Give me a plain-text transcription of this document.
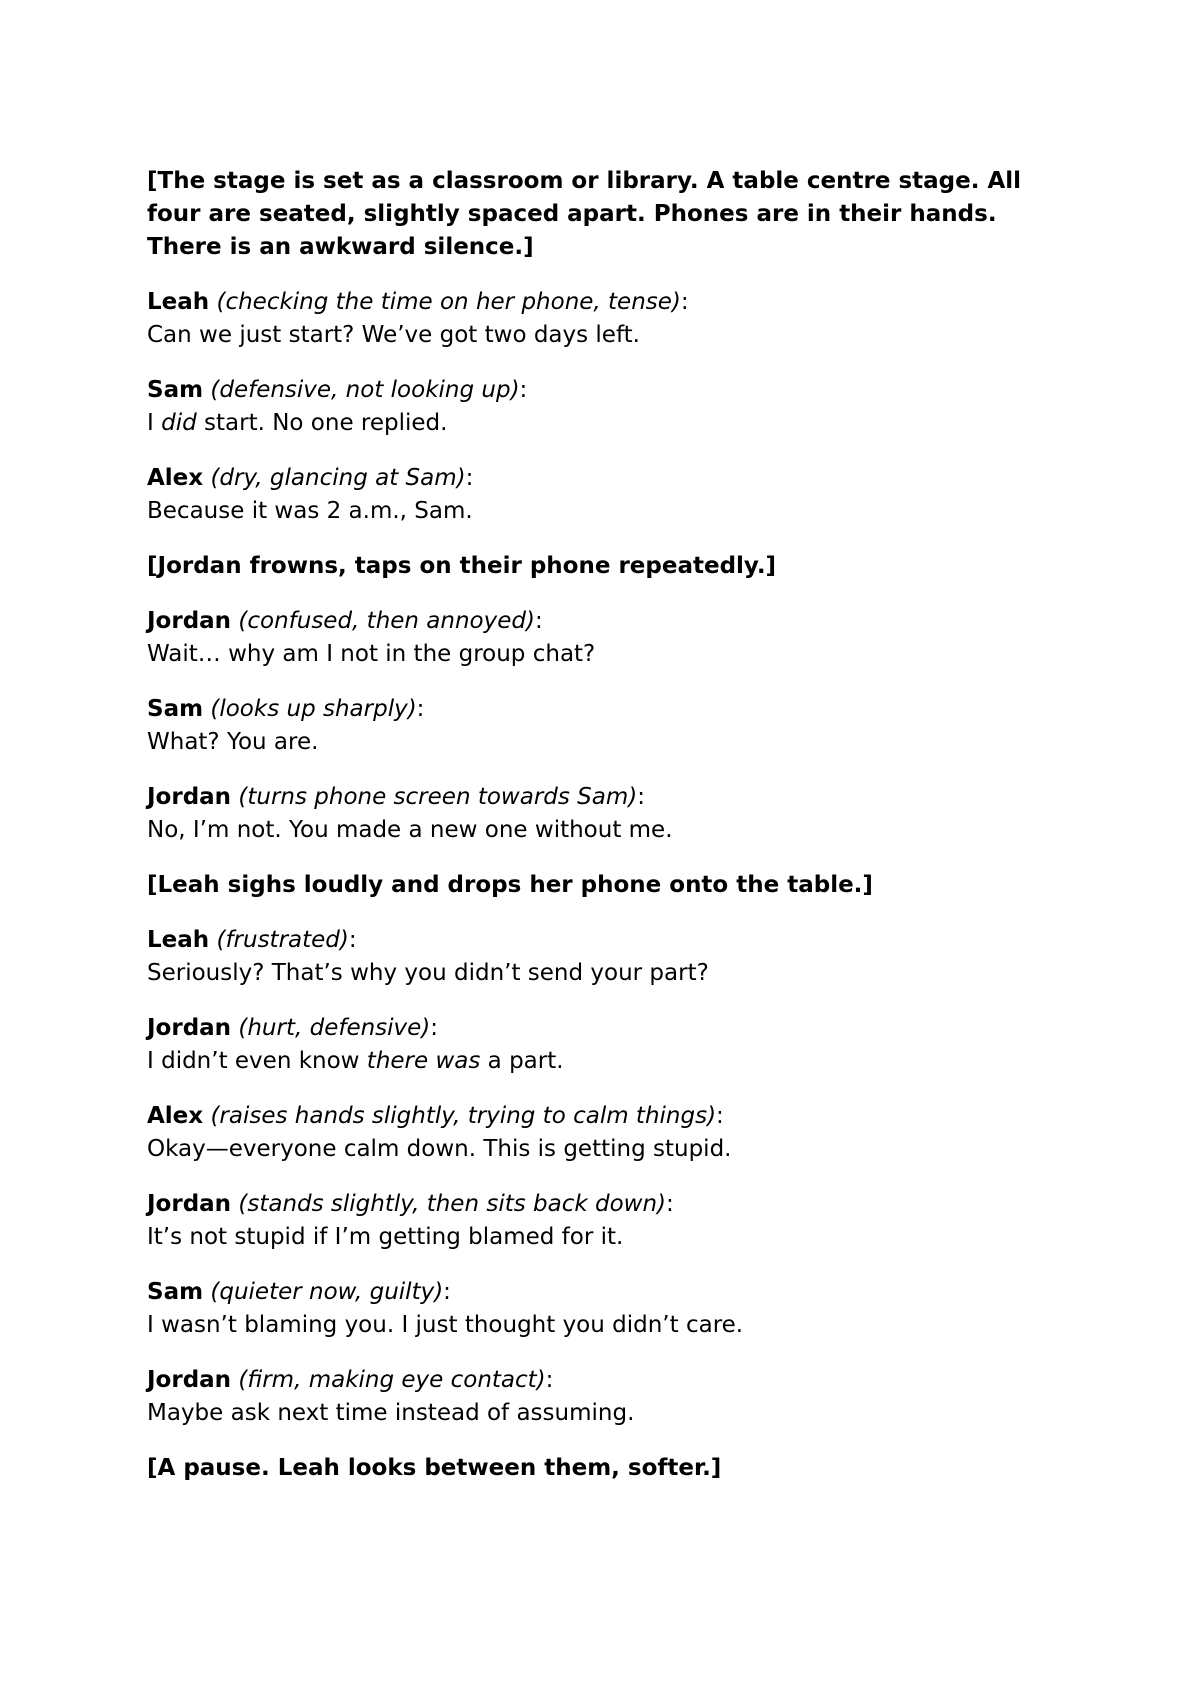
[The stage is set as a classroom or library. A table centre stage. All four are seated, slightly spaced apart. Phones are in their hands. There is an awkward silence.]

Leah (checking the time on her phone, tense):
Can we just start? We’ve got two days left.
Sam (defensive, not looking up):
I did start. No one replied.
Alex (dry, glancing at Sam):
Because it was 2 a.m., Sam.

[Jordan frowns, taps on their phone repeatedly.]

Jordan (confused, then annoyed):
Wait… why am I not in the group chat?
Sam (looks up sharply):
What? You are.
Jordan (turns phone screen towards Sam):
No, I’m not. You made a new one without me.

[Leah sighs loudly and drops her phone onto the table.]

Leah (frustrated):
Seriously? That’s why you didn’t send your part?
Jordan (hurt, defensive):
I didn’t even know there was a part.
Alex (raises hands slightly, trying to calm things):
Okay—everyone calm down. This is getting stupid.
Jordan (stands slightly, then sits back down):
It’s not stupid if I’m getting blamed for it.
Sam (quieter now, guilty):
I wasn’t blaming you. I just thought you didn’t care.
Jordan (firm, making eye contact):
Maybe ask next time instead of assuming.

[A pause. Leah looks between them, softer.]
